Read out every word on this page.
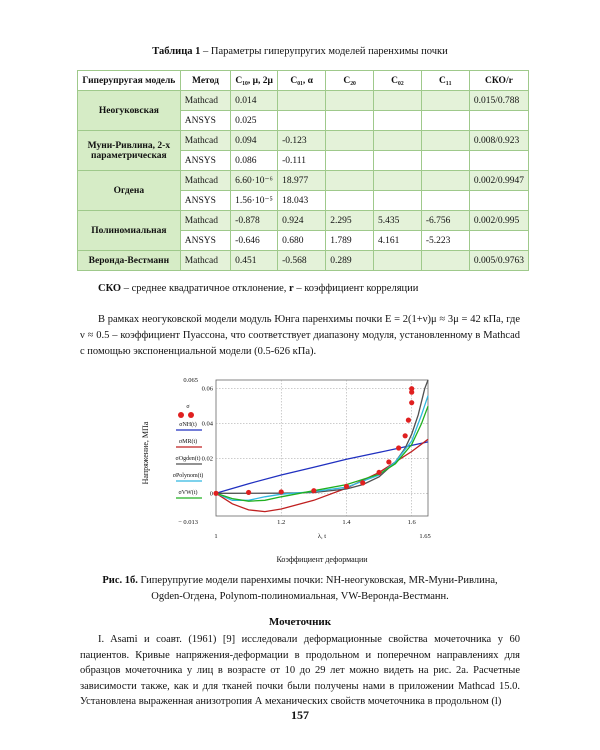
Таблица 1 – Параметры гиперупругих моделей паренхимы почки
Гиперупругая модель	Метод	C₁₀, μ, 2μ	C₀₁, α	C₂₀	C₀₂	C₁₁	СКО/r
Неогуковская	Mathcad	0.014					0.015/0.788
	ANSYS	0.025					
Муни-Ривлина, 2-х параметрическая	Mathcad	0.094	-0.123				0.008/0.923
	ANSYS	0.086	-0.111				
Огдена	Mathcad	6.60·10⁻⁶	18.977				0.002/0.9947
	ANSYS	1.56·10⁻⁵	18.043				
Полиномиальная	Mathcad	-0.878	0.924	2.295	5.435	-6.756	0.002/0.995
	ANSYS	-0.646	0.680	1.789	4.161	-5.223	
Веронда-Вестманн	Mathcad	0.451	-0.568	0.289			0.005/0.9763
СКО – среднее квадратичное отклонение, r – коэффициент корреляции
В рамках неогуковской модели модуль Юнга паренхимы почки E = 2(1+ν)μ ≈ 3μ = 42 кПа, где ν ≈ 0.5 – коэффициент Пуассона, что соответствует диапазону модуля, установленному в Mathcad с помощью экспоненциальной модели (0.5-626 кПа).
1.2	1.4	1.6
0
0.02
0.04
0.06
0.065
− 0.013
1	λ, t	1.65
Коэффициент деформации
Напряжение, МПа
σ
σNH(t)
σMR(t)
σOgden(t)
σPolynom(t)
σVW(t)
Рис. 1б. Гиперупругие модели паренхимы почки: NH-неогуковская, MR-Муни-Ривлина, Ogden-Огдена, Polynom-полиномиальная, VW-Веронда-Вестманн.
Мочеточник
I. Asami и соавт. (1961) [9] исследовали деформационные свойства мочеточника у 60 пациентов. Кривые напряжения-деформации в продольном и поперечном направлениях для образцов мочеточника у лиц в возрасте от 10 до 29 лет можно видеть на рис. 2а. Расчетные зависимости также, как и для тканей почки были получены нами в приложении Mathcad 15.0. Установлена выраженная анизотропия А механических свойств мочеточника в продольном (l)
157
